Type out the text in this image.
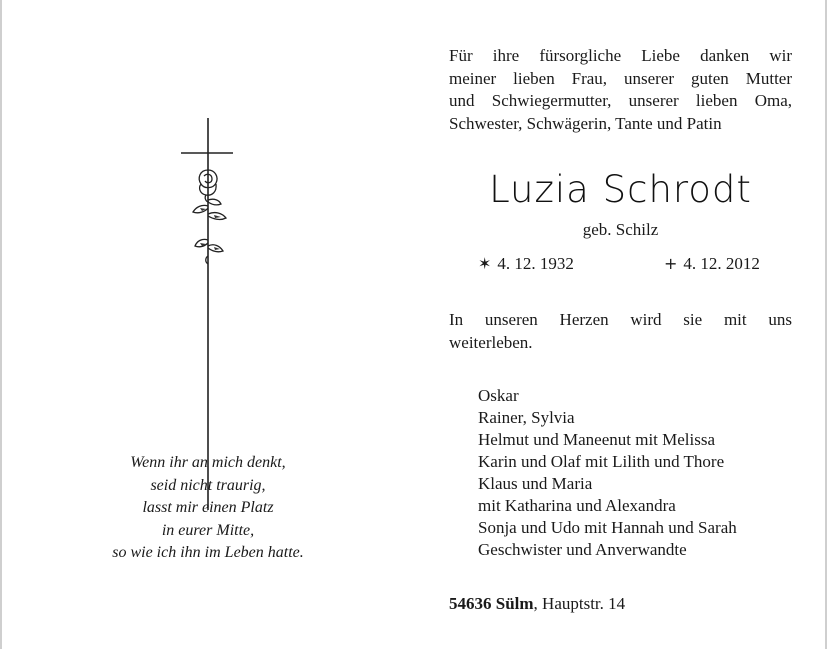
Wenn ihr an mich denkt,
seid nicht traurig,
lasst mir einen Platz
in eurer Mitte,
so wie ich ihn im Leben hatte.
Für ihre fürsorgliche Liebe danken wir
meiner lieben Frau, unserer guten Mutter
und Schwiegermutter, unserer lieben Oma,
Schwester, Schwägerin, Tante und Patin
Luzia Schrodt
geb. Schilz
✶ 4. 12. 1932	+ 4. 12. 2012
In unseren Herzen wird sie mit uns
weiterleben.
Oskar
Rainer, Sylvia
Helmut und Maneenut mit Melissa
Karin und Olaf mit Lilith und Thore
Klaus und Maria
mit Katharina und Alexandra
Sonja und Udo mit Hannah und Sarah
Geschwister und Anverwandte
54636 Sülm, Hauptstr. 14
